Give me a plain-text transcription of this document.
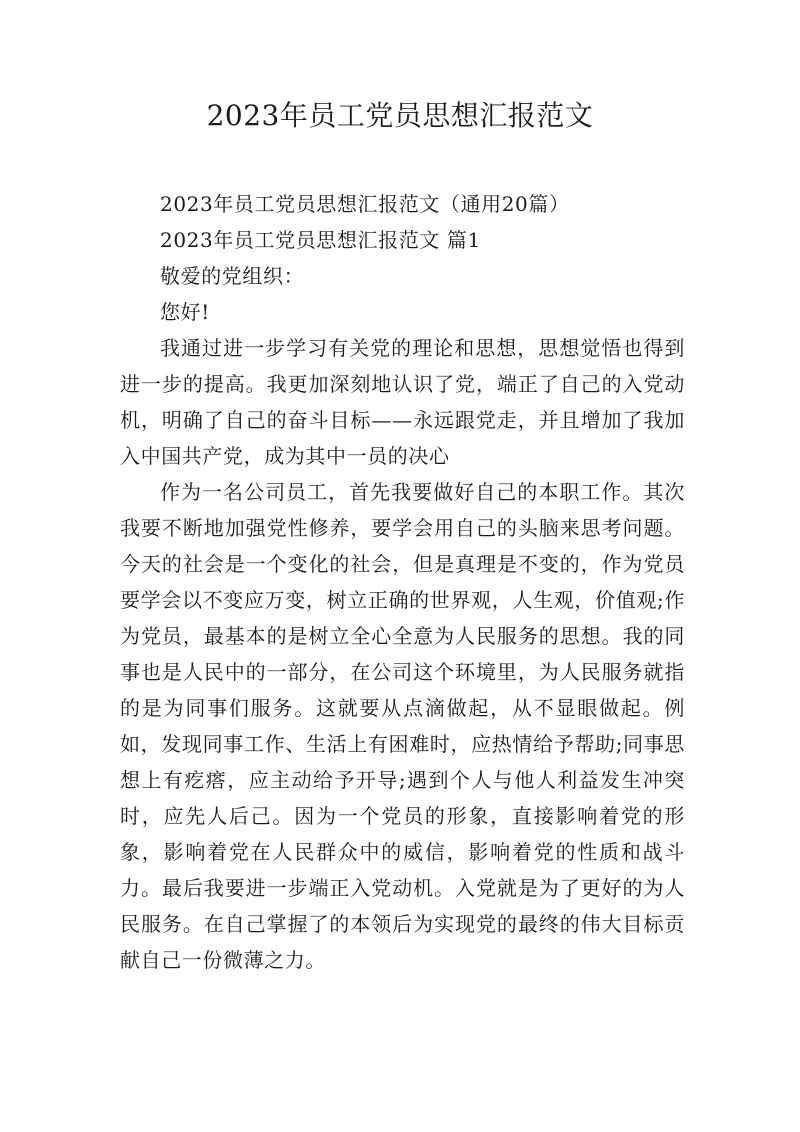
2023年员工党员思想汇报范文

2023年员工党员思想汇报范文（通用20篇）

2023年员工党员思想汇报范文 篇1

敬爱的党组织：

您好!

我通过进一步学习有关党的理论和思想，思想觉悟也得到进一步的提高。我更加深刻地认识了党，端正了自己的入党动机，明确了自己的奋斗目标——永远跟党走，并且增加了我加入中国共产党，成为其中一员的决心

作为一名公司员工，首先我要做好自己的本职工作。其次我要不断地加强党性修养，要学会用自己的头脑来思考问题。今天的社会是一个变化的社会，但是真理是不变的，作为党员要学会以不变应万变，树立正确的世界观，人生观，价值观;作为党员，最基本的是树立全心全意为人民服务的思想。我的同事也是人民中的一部分，在公司这个环境里，为人民服务就指的是为同事们服务。这就要从点滴做起，从不显眼做起。例如，发现同事工作、生活上有困难时，应热情给予帮助;同事思想上有疙瘩，应主动给予开导;遇到个人与他人利益发生冲突时，应先人后己。因为一个党员的形象，直接影响着党的形象，影响着党在人民群众中的威信，影响着党的性质和战斗力。最后我要进一步端正入党动机。入党就是为了更好的为人民服务。在自己掌握了的本领后为实现党的最终的伟大目标贡献自己一份微薄之力。
